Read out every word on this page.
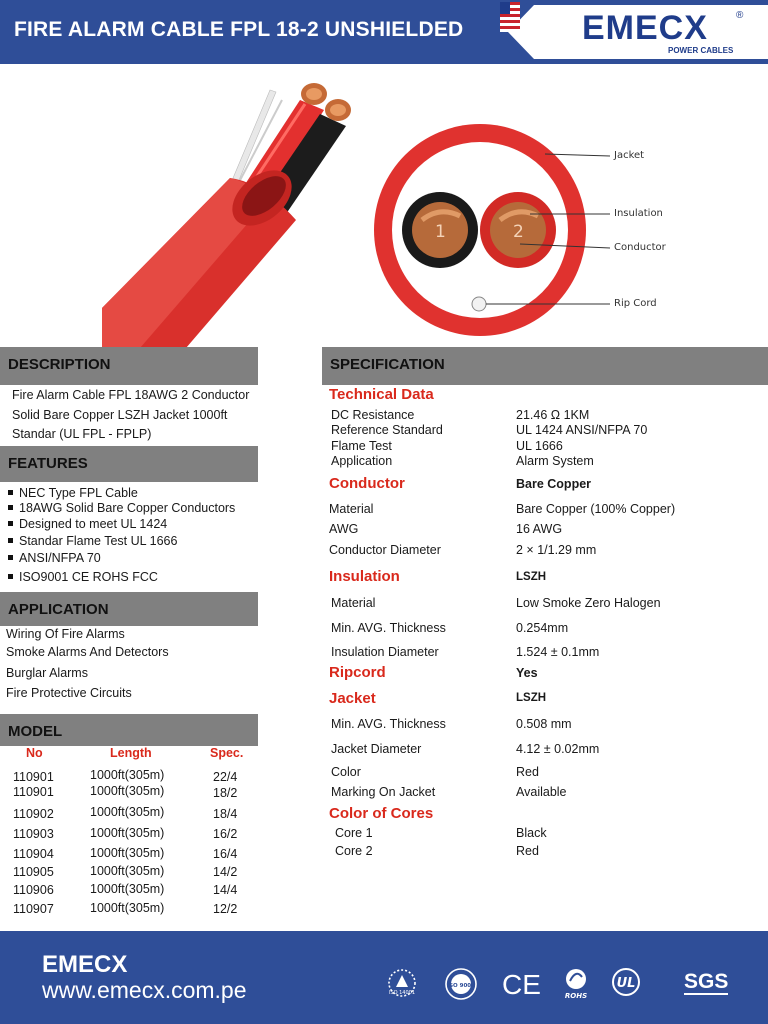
FIRE ALARM CABLE FPL 18-2 UNSHIELDED	EMECX	®
POWER CABLES
1	2
Jacket
Insulation
Conductor
Rip Cord
DESCRIPTION
Fire Alarm Cable FPL 18AWG 2 Conductor
Solid Bare Copper LSZH Jacket 1000ft
Standar (UL FPL - FPLP)
FEATURES
NEC Type FPL Cable
18AWG Solid Bare Copper Conductors
Designed to meet UL 1424
Standar Flame Test UL 1666
ANSI/NFPA 70
ISO9001 CE ROHS FCC
APPLICATION
Wiring Of Fire Alarms
Smoke Alarms And Detectors
Burglar Alarms
Fire Protective Circuits
MODEL
No	Length	Spec.
110901	1000ft(305m)	22/4
110901	1000ft(305m)	18/2
110902	1000ft(305m)	18/4
110903	1000ft(305m)	16/2
110904	1000ft(305m)	16/4
110905	1000ft(305m)	14/2
110906	1000ft(305m)	14/4
110907	1000ft(305m)	12/2
SPECIFICATION
Technical Data
DC Resistance	21.46 Ω 1KM
Reference Standard	UL 1424 ANSI/NFPA 70
Flame Test	UL 1666
Application	Alarm System
Conductor	Bare Copper
Material	Bare Copper (100% Copper)
AWG	16 AWG
Conductor Diameter	2 × 1/1.29 mm
Insulation	LSZH
Material	Low Smoke Zero Halogen
Min. AVG. Thickness	0.254mm
Insulation Diameter	1.524 ± 0.1mm
Ripcord	Yes
Jacket	LSZH
Min. AVG. Thickness	0.508 mm
Jacket Diameter	4.12 ± 0.02mm
Color	Red
Marking On Jacket	Available
Color of Cores
Core 1	Black
Core 2	Red
EMECX
www.emecx.com.pe	ISO 14001
ISO 9001 CE	ROHS
UL SGS
